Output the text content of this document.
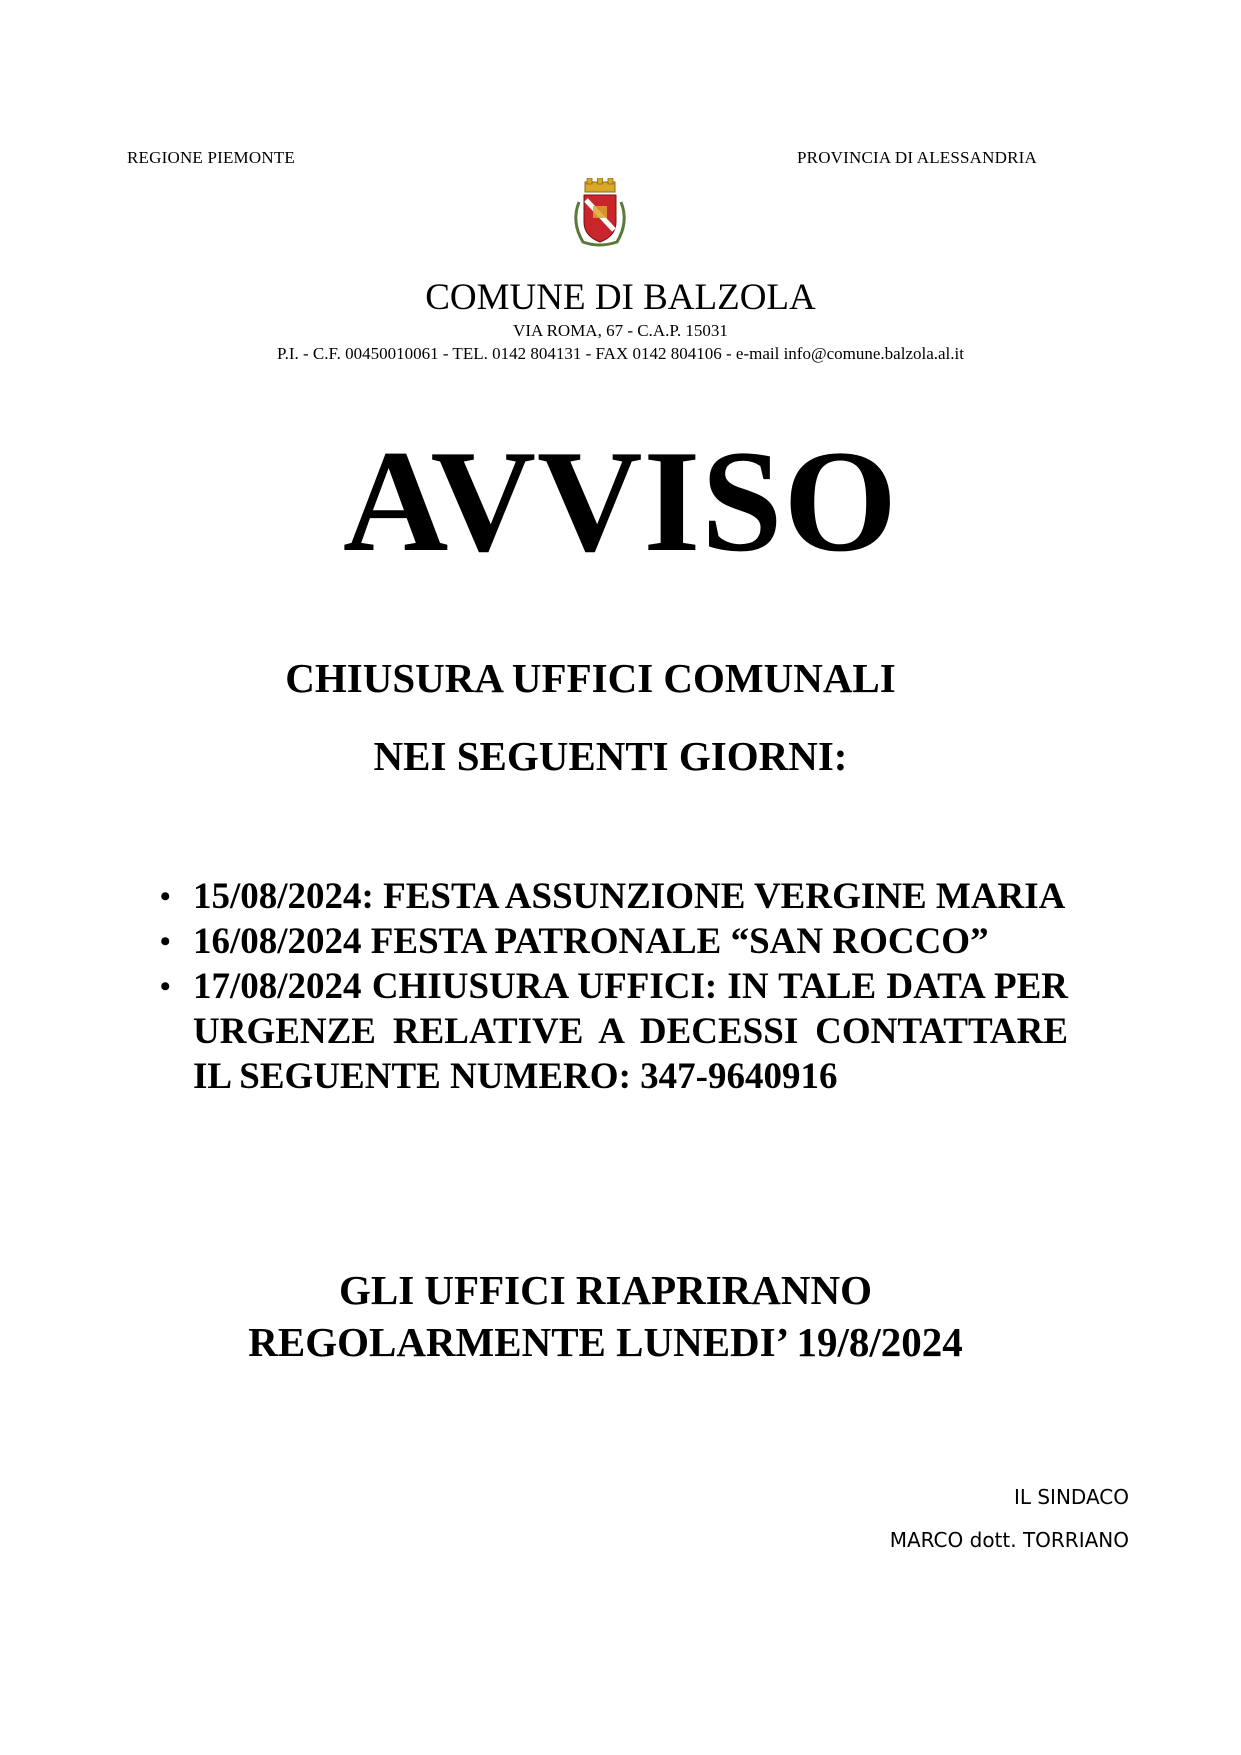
REGIONE PIEMONTE	PROVINCIA DI ALESSANDRIA
COMUNE DI BALZOLA
VIA ROMA, 67 - C.A.P. 15031
P.I. - C.F. 00450010061 - TEL. 0142 804131 - FAX 0142 804106 - e-mail info@comune.balzola.al.it
AVVISO
CHIUSURA UFFICI COMUNALI
NEI SEGUENTI GIORNI:
• 15/08/2024: FESTA ASSUNZIONE VERGINE MARIA
• 16/08/2024 FESTA PATRONALE “SAN ROCCO”
• 17/08/2024 CHIUSURA UFFICI: IN TALE DATA PER URGENZE RELATIVE A DECESSI CONTATTARE IL SEGUENTE NUMERO: 347-9640916
GLI UFFICI RIAPRIRANNO
REGOLARMENTE LUNEDI’ 19/8/2024
IL SINDACO
MARCO dott. TORRIANO
